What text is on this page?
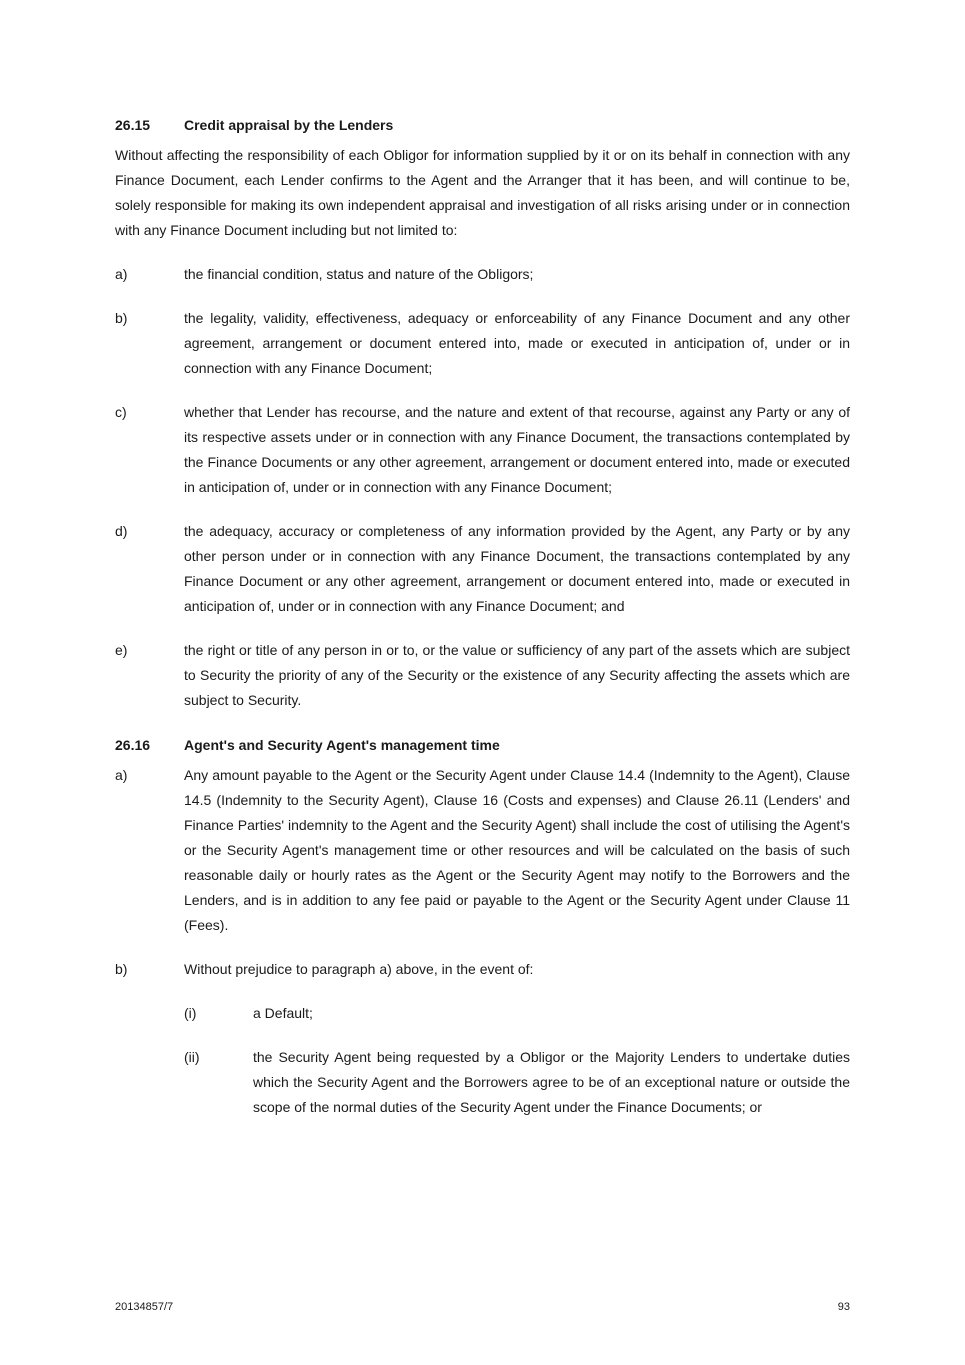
26.15	Credit appraisal by the Lenders

Without affecting the responsibility of each Obligor for information supplied by it or on its behalf in connection with any Finance Document, each Lender confirms to the Agent and the Arranger that it has been, and will continue to be, solely responsible for making its own independent appraisal and investigation of all risks arising under or in connection with any Finance Document including but not limited to:

a)	the financial condition, status and nature of the Obligors;
b)	the legality, validity, effectiveness, adequacy or enforceability of any Finance Document and any other agreement, arrangement or document entered into, made or executed in anticipation of, under or in connection with any Finance Document;
c)	whether that Lender has recourse, and the nature and extent of that recourse, against any Party or any of its respective assets under or in connection with any Finance Document, the transactions contemplated by the Finance Documents or any other agreement, arrangement or document entered into, made or executed in anticipation of, under or in connection with any Finance Document;
d)	the adequacy, accuracy or completeness of any information provided by the Agent, any Party or by any other person under or in connection with any Finance Document, the transactions contemplated by any Finance Document or any other agreement, arrangement or document entered into, made or executed in anticipation of, under or in connection with any Finance Document; and
e)	the right or title of any person in or to, or the value or sufficiency of any part of the assets which are subject to Security the priority of any of the Security or the existence of any Security affecting the assets which are subject to Security.
26.16	Agent's and Security Agent's management time
a)	Any amount payable to the Agent or the Security Agent under Clause 14.4 (Indemnity to the Agent), Clause 14.5 (Indemnity to the Security Agent), Clause 16 (Costs and expenses) and Clause 26.11 (Lenders' and Finance Parties' indemnity to the Agent and the Security Agent) shall include the cost of utilising the Agent's or the Security Agent's management time or other resources and will be calculated on the basis of such reasonable daily or hourly rates as the Agent or the Security Agent may notify to the Borrowers and the Lenders, and is in addition to any fee paid or payable to the Agent or the Security Agent under Clause 11 (Fees).
b)	Without prejudice to paragraph a) above, in the event of:
(i)	a Default;
(ii)	the Security Agent being requested by a Obligor or the Majority Lenders to undertake duties which the Security Agent and the Borrowers agree to be of an exceptional nature or outside the scope of the normal duties of the Security Agent under the Finance Documents; or
20134857/7	93
